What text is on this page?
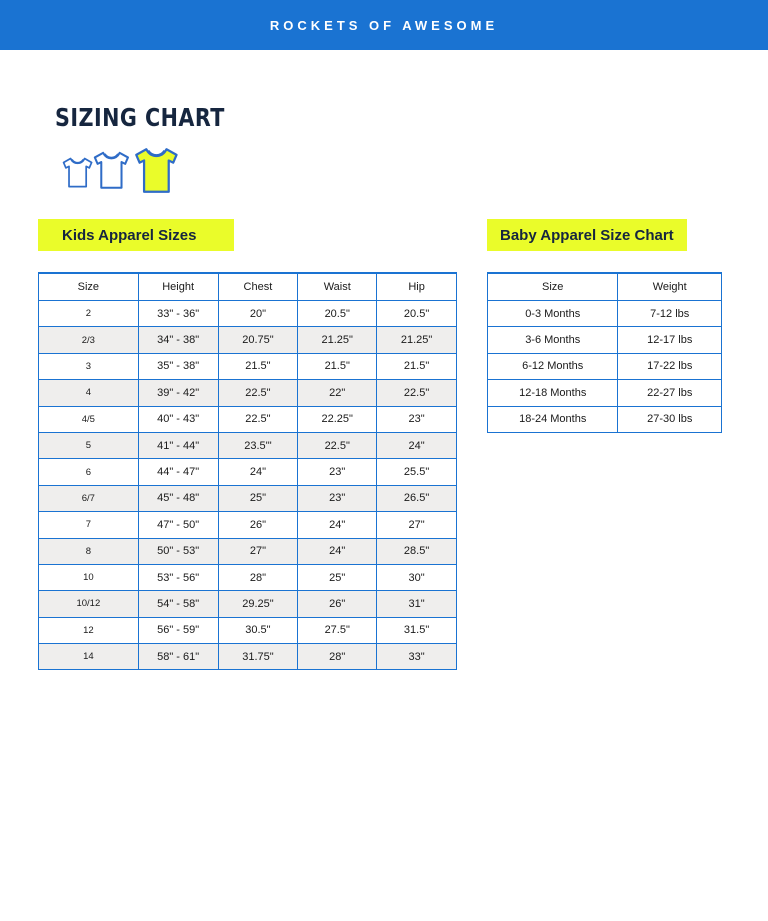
ROCKETS OF AWESOME
SIZING CHART
Kids Apparel Sizes	Baby Apparel Size Chart
Size	Height	Chest	Waist	Hip
2	33" - 36"	20"	20.5"	20.5"
2/3	34" - 38"	20.75"	21.25"	21.25"
3	35" - 38"	21.5"	21.5"	21.5"
4	39" - 42"	22.5"	22"	22.5"
4/5	40" - 43"	22.5"	22.25"	23"
5	41" - 44"	23.5'"	22.5"	24"
6	44" - 47"	24"	23"	25.5"
6/7	45" - 48"	25"	23"	26.5"
7	47" - 50"	26"	24"	27"
8	50" - 53"	27"	24"	28.5"
10	53" - 56"	28"	25"	30"
10/12	54" - 58"	29.25"	26"	31"
12	56" - 59"	30.5"	27.5"	31.5"
14	58" - 61"	31.75"	28"	33"
Size	Weight
0-3 Months	7-12 lbs
3-6 Months	12-17 lbs
6-12 Months	17-22 lbs
12-18 Months	22-27 lbs
18-24 Months	27-30 lbs
